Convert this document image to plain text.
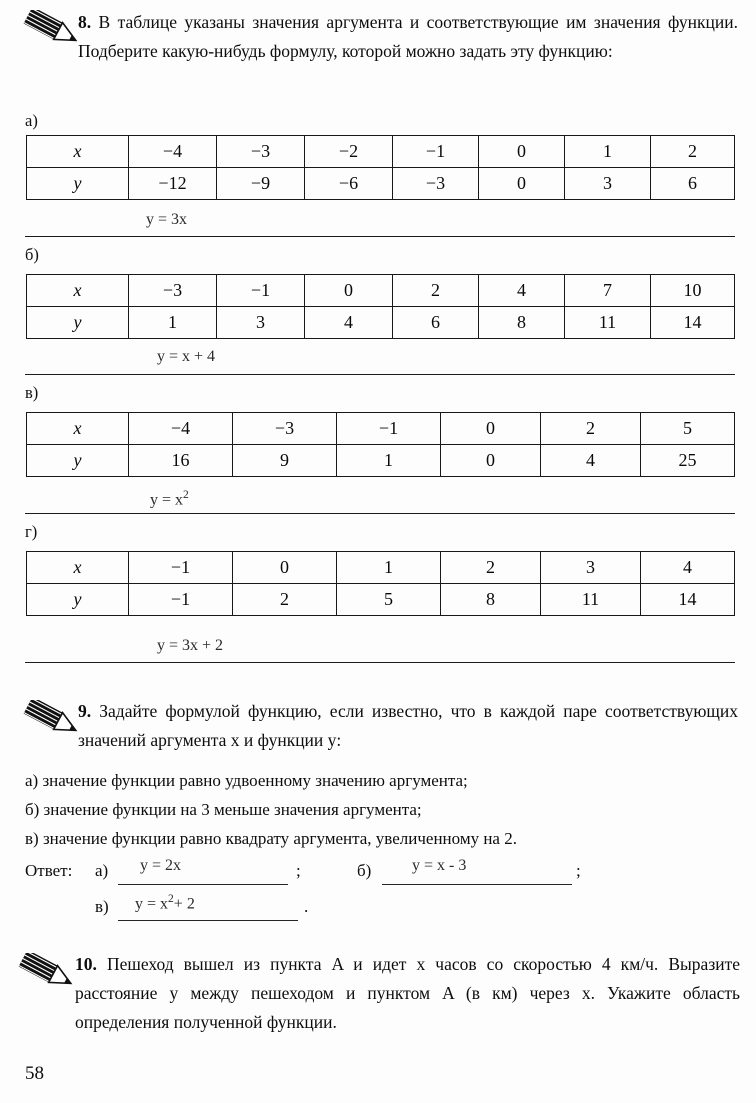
8. В таблице указаны значения аргумента и соответствующие им значения функции. Подберите какую-нибудь формулу, которой можно задать эту функцию:
а)
x	−4	−3	−2	−1	0	1	2
y	−12	−9	−6	−3	0	3	6
y = 3x
б)
x	−3	−1	0	2	4	7	10
y	1	3	4	6	8	11	14
y = x + 4
в)
x	−4	−3	−1	0	2	5
y	16	9	1	0	4	25
$y = x^2$
г)
x	−1	0	1	2	3	4
y	−1	2	5	8	11	14
y = 3x + 2
9. Задайте формулой функцию, если известно, что в каждой паре соответствующих значений аргумента x и функции y:
а) значение функции равно удвоенному значению аргумента;
б) значение функции на 3 меньше значения аргумента;
в) значение функции равно квадрату аргумента, увеличенному на 2.
Ответ: а) y = 2x	;	б)	y = x - 3	;
в) $y = x^2+ 2$	.
10. Пешеход вышел из пункта A и идет x часов со скоростью 4 км/ч. Выразите расстояние y между пешеходом и пунктом A (в км) через x. Укажите область определения полученной функции.
58
